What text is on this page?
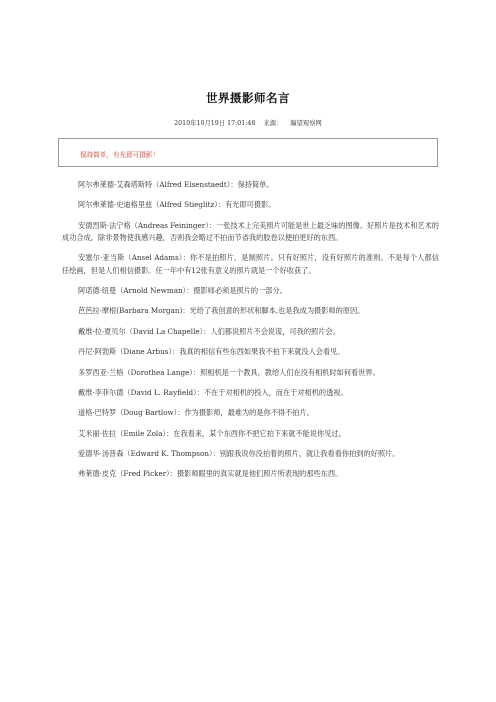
世界摄影师名言
2010年10月19日 17:01:48 来源： 瞳望观察网
保持简单，有光即可摄影！

阿尔弗莱德·艾森塔斯特（Alfred Eisenstaedt）：保持简单。

阿尔弗莱德·史迪格里兹（Alfred Stieglitz）：有光即可摄影。

安德烈斯·法宁格（Andreas Feininger）：一张技术上完美照片可能是世上最乏味的图像。好照片是技术和艺术的成功合成。除非景物使我感兴趣，否则我会略过不拍而节省我的胶卷以便拍更好的东西。

安塞尔·亚当斯（Ansel Adams）：你不是拍照片，是制照片。只有好照片，没有好照片的准则。不是每个人都信任绘画，但是人们相信摄影。任一年中有12张有意义的照片就是一个好收获了。

阿诺德·纽曼（Arnold Newman）：摄影师必须是照片的一部分。

芭芭拉·摩根(Barbara Morgan)：光给了我创意的形状和脚本,也是我成为摄影师的原因。

戴维·拉·夏贝尔（David La Chapelle）：人们都说照片不会说谎，可我的照片会。

丹尼·阿勃斯（Diane Arbus）：我真的相信有些东西如果我不拍下来就没人会看见。

多罗西亚·兰格（Dorothea Lange）：照相机是一个教具，教给人们在没有相机时如何看世界。

戴维·李菲尔德（David L. Rayfield）：不在于对相机的投入，而在于对相机的透视。

道格·巴特罗（Doug Bartlow）：作为摄影师，最难为的是你不得不拍片。

艾米丽·佐拉（Emile Zola）：在我看来，某个东西你不把它拍下来就不能说你见过。

爱德华·汤普森（Edward K. Thompson）：别跟我说你没拍着的照片，就让我看看你拍到的好照片。

弗莱德·皮克（Fred Picker）：摄影师眼里的真实就是他们照片所表现的那些东西。
